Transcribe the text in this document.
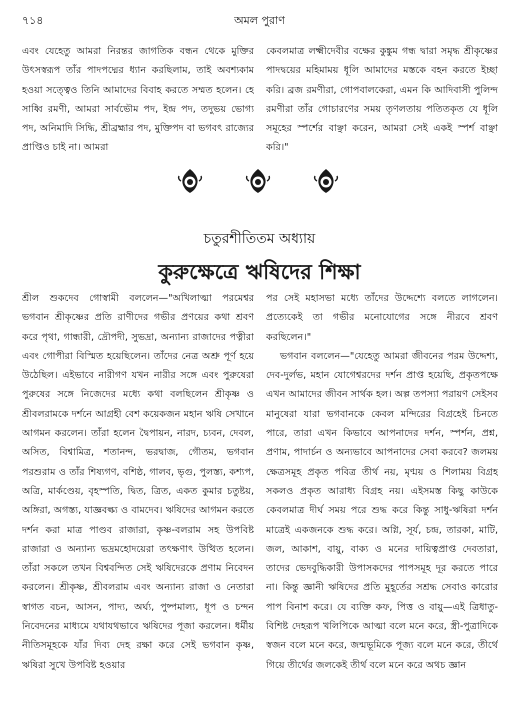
৭১৪	অমল পুরাণ

এবং যেহেতু আমরা নিরন্তর জাগতিক বন্ধন থেকে মুক্তির উৎসস্বরূপ তাঁর পাদপদ্মের ধ্যান করছিলাম, তাই অবশ্যকাম হওয়া সত্ত্বেও তিনি আমাদের বিবাহ করতে সম্মত হলেন। হে সাধ্বি রমণী, আমরা সার্বভৌম পদ, ইন্দ্র পদ, তদুভয় ভোগ্য পদ, অনিমাদি সিদ্ধি, শ্রীব্রহ্মার পদ, মুক্তিপদ বা ভগবৎ রাজ্যের প্রাপ্তিও চাই না। আমরা

কেবলমাত্র লক্ষ্মীদেবীর বক্ষের কুঙ্কুম গন্ধ দ্বারা সমৃদ্ধ শ্রীকৃষ্ণের পাদদ্বয়ের মহিমাময় ধূলি আমাদের মস্তকে বহন করতে ইচ্ছা করি। ব্রজ রমণীরা, গোপবালকেরা, এমন কি আদিবাসী পুলিন্দ রমণীরা তাঁর গোচারণের সময় তৃণলতায় পতিতকৃত যে ধূলি সমূহের স্পর্শের বাঞ্ছা করেন, আমরা সেই একই স্পর্শ বাঞ্ছা করি।"

চতুরশীতিতম অধ্যায়
কুরুক্ষেত্রে ঋষিদের শিক্ষা

শ্রীল শুকদেব গোস্বামী বললেন—"অখিলাত্মা পরমেশ্বর ভগবান শ্রীকৃষ্ণের প্রতি রাণীদের গভীর প্রণয়ের কথা শ্রবণ করে পৃথা, গান্ধারী, দ্রৌপদী, সুভদ্রা, অন্যান্য রাজাদের পত্নীরা এবং গোপীরা বিস্মিত হয়েছিলেন। তাঁদের নেত্র অশ্রু পূর্ণ হয়ে উঠেছিল। এইভাবে নারীগণ যখন নারীর সঙ্গে এবং পুরুষেরা পুরুষের সঙ্গে নিজেদের মধ্যে কথা বলছিলেন শ্রীকৃষ্ণ ও শ্রীবলরামকে দর্শনে আগ্রহী বেশ কয়েকজন মহান ঋষি সেখানে আগমন করলেন। তাঁরা হলেন দ্বৈপায়ন, নারদ, চ্যবন, দেবল, অসিত, বিশ্বামিত্র, শতানন্দ, ভরদ্বাজ, গৌতম, ভগবান পরশুরাম ও তাঁর শিষ্যগণ, বশিষ্ঠ, গালব, ভৃগু, পুলস্ত্য, কশ্যপ, অত্রি, মার্কণ্ডেয়, বৃহস্পতি, দ্বিত, ত্রিত, একত কুমার চতুষ্টয়, অঙ্গিরা, অগস্ত্য, যাজ্ঞবল্ক্য ও বামদেব। ঋষিদের আগমন করতে দর্শন করা মাত্র পাণ্ডব রাজারা, কৃষ্ণ-বলরাম সহ উপবিষ্ট রাজারা ও অন্যান্য ভদ্রমহোদয়েরা তৎক্ষণাৎ উত্থিত হলেন। তাঁরা সকলে তখন বিশ্ববন্দিত সেই ঋষিদেরকে প্রণাম নিবেদন করলেন। শ্রীকৃষ্ণ, শ্রীবলরাম এবং অন্যান্য রাজা ও নেতারা স্বাগত বচন, আসন, পাদ্য, অর্ঘ্য, পুষ্পমাল্য, ধূপ ও চন্দন নিবেদনের মাধ্যমে যথাযথভাবে ঋষিদের পূজা করলেন। ধর্মীয় নীতিসমূহকে যাঁর দিব্য দেহ রক্ষা করে সেই ভগবান কৃষ্ণ, ঋষিরা সুখে উপবিষ্ট হওয়ার

পর সেই মহাসভা মধ্যে তাঁদের উদ্দেশ্যে বলতে লাগলেন। প্রত্যেকেই তা গভীর মনোযোগের সঙ্গে নীরবে শ্রবণ করছিলেন।"

ভগবান বললেন—"যেহেতু আমরা জীবনের পরম উদ্দেশ্য, দেব-দুর্লভ, মহান যোগেশ্বরদের দর্শন প্রাপ্ত হয়েছি, প্রকৃতপক্ষে এখন আমাদের জীবন সার্থক হল। অল্প তপস্যা পরায়ণ সেইসব মানুষেরা যারা ভগবানকে কেবল মন্দিরের বিগ্রহেই চিনতে পারে, তারা এখন কিভাবে আপনাদের দর্শন, স্পর্শন, প্রশ্ন, প্রণাম, পাদার্চন ও অন্যভাবে আপনাদের সেবা করবে? জলময় ক্ষেত্রসমূহ প্রকৃত পবিত্র তীর্থ নয়, মৃণ্ময় ও শিলাময় বিগ্রহ সকলও প্রকৃত আরাধ্য বিগ্রহ নয়। এইসমস্ত কিছু কাউকে কেবলমাত্র দীর্ঘ সময় পরে শুদ্ধ করে কিন্তু সাধু-ঋষিরা দর্শন মাত্রেই একজনকে শুদ্ধ করে। অগ্নি, সূর্য, চন্দ্র, তারকা, মাটি, জল, আকাশ, বায়ু, বাক্য ও মনের দায়িত্বপ্রাপ্ত দেবতারা, তাদের ভেদবুদ্ধিকারী উপাসকদের পাপসমূহ দূর করতে পারে না। কিন্তু জ্ঞানী ঋষিদের প্রতি মুহূর্তের সশ্রদ্ধ সেবাও কারোর পাপ বিনাশ করে। যে ব্যক্তি কফ, পিত্ত ও বায়ু—এই ত্রিধাতু-বিশিষ্ট দেহরূপ খলিপিকে আত্মা বলে মনে করে, স্ত্রী-পুত্রাদিকে স্বজন বলে মনে করে, জন্মভূমিকে পূজ্য বলে মনে করে, তীর্থে গিয়ে তীর্থের জলকেই তীর্থ বলে মনে করে অথচ জ্ঞান
